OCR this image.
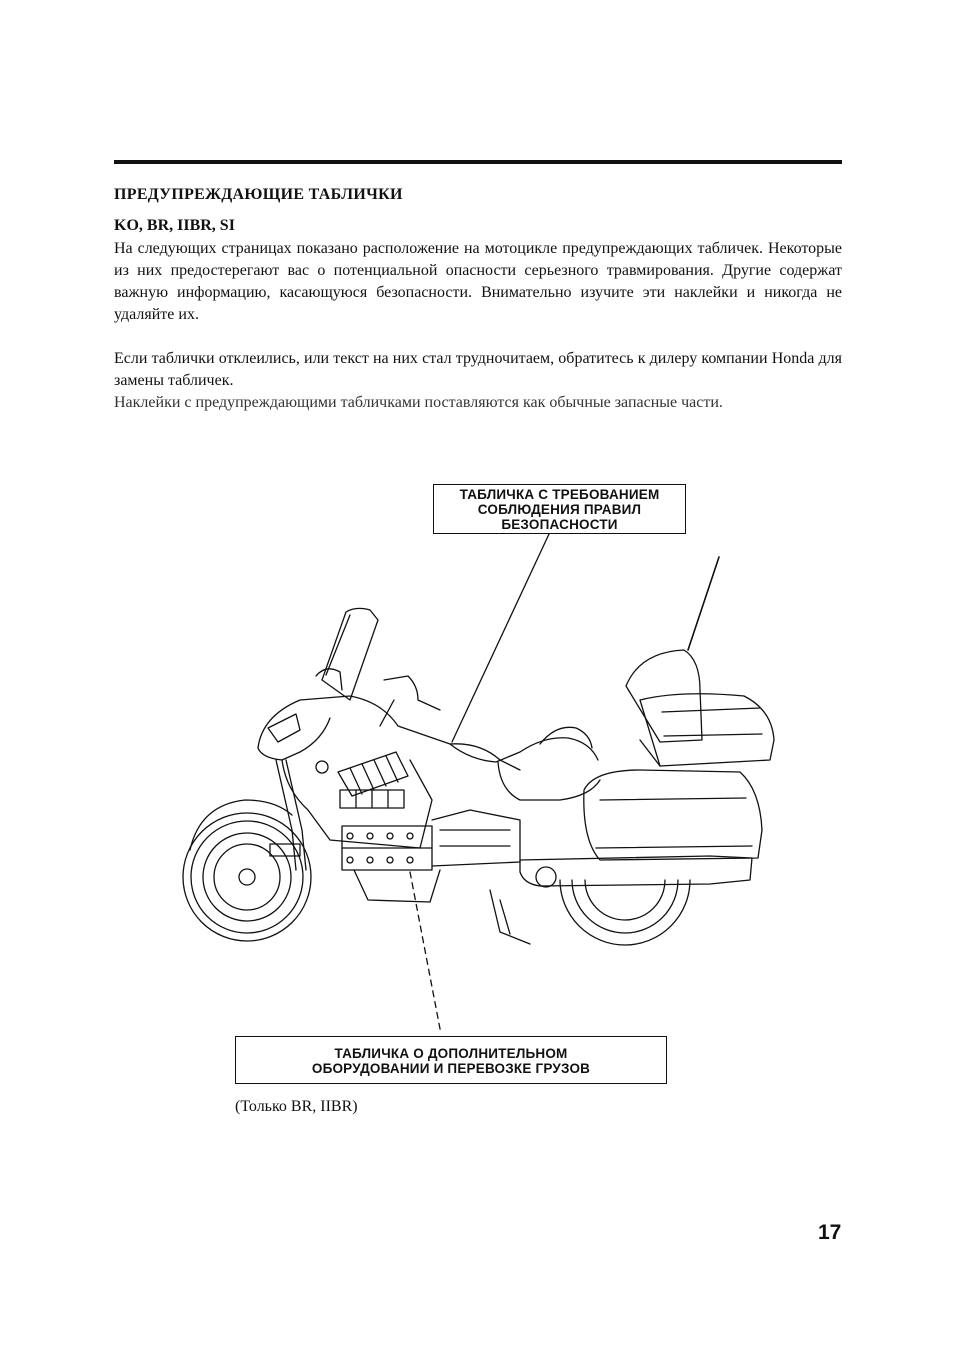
ПРЕДУПРЕЖДАЮЩИЕ ТАБЛИЧКИ
KO, BR, IIBR, SI
На следующих страницах показано расположение на мотоцикле предупреждающих табличек. Некоторые из них предостерегают вас о потенциальной опасности серьезного травмирования. Другие содержат важную информацию, касающуюся безопасности. Внимательно изучите эти наклейки и никогда не удаляйте их.
Если таблички отклеились, или текст на них стал трудночитаем, обратитесь к дилеру компании Honda для замены табличек.
Наклейки с предупреждающими табличками поставляются как обычные запасные части.
ТАБЛИЧКА С ТРЕБОВАНИЕМ
СОБЛЮДЕНИЯ ПРАВИЛ
БЕЗОПАСНОСТИ
ТАБЛИЧКА О ДОПОЛНИТЕЛЬНОМ
ОБОРУДОВАНИИ И ПЕРЕВОЗКЕ ГРУЗОВ
(Только BR, IIBR)
17
